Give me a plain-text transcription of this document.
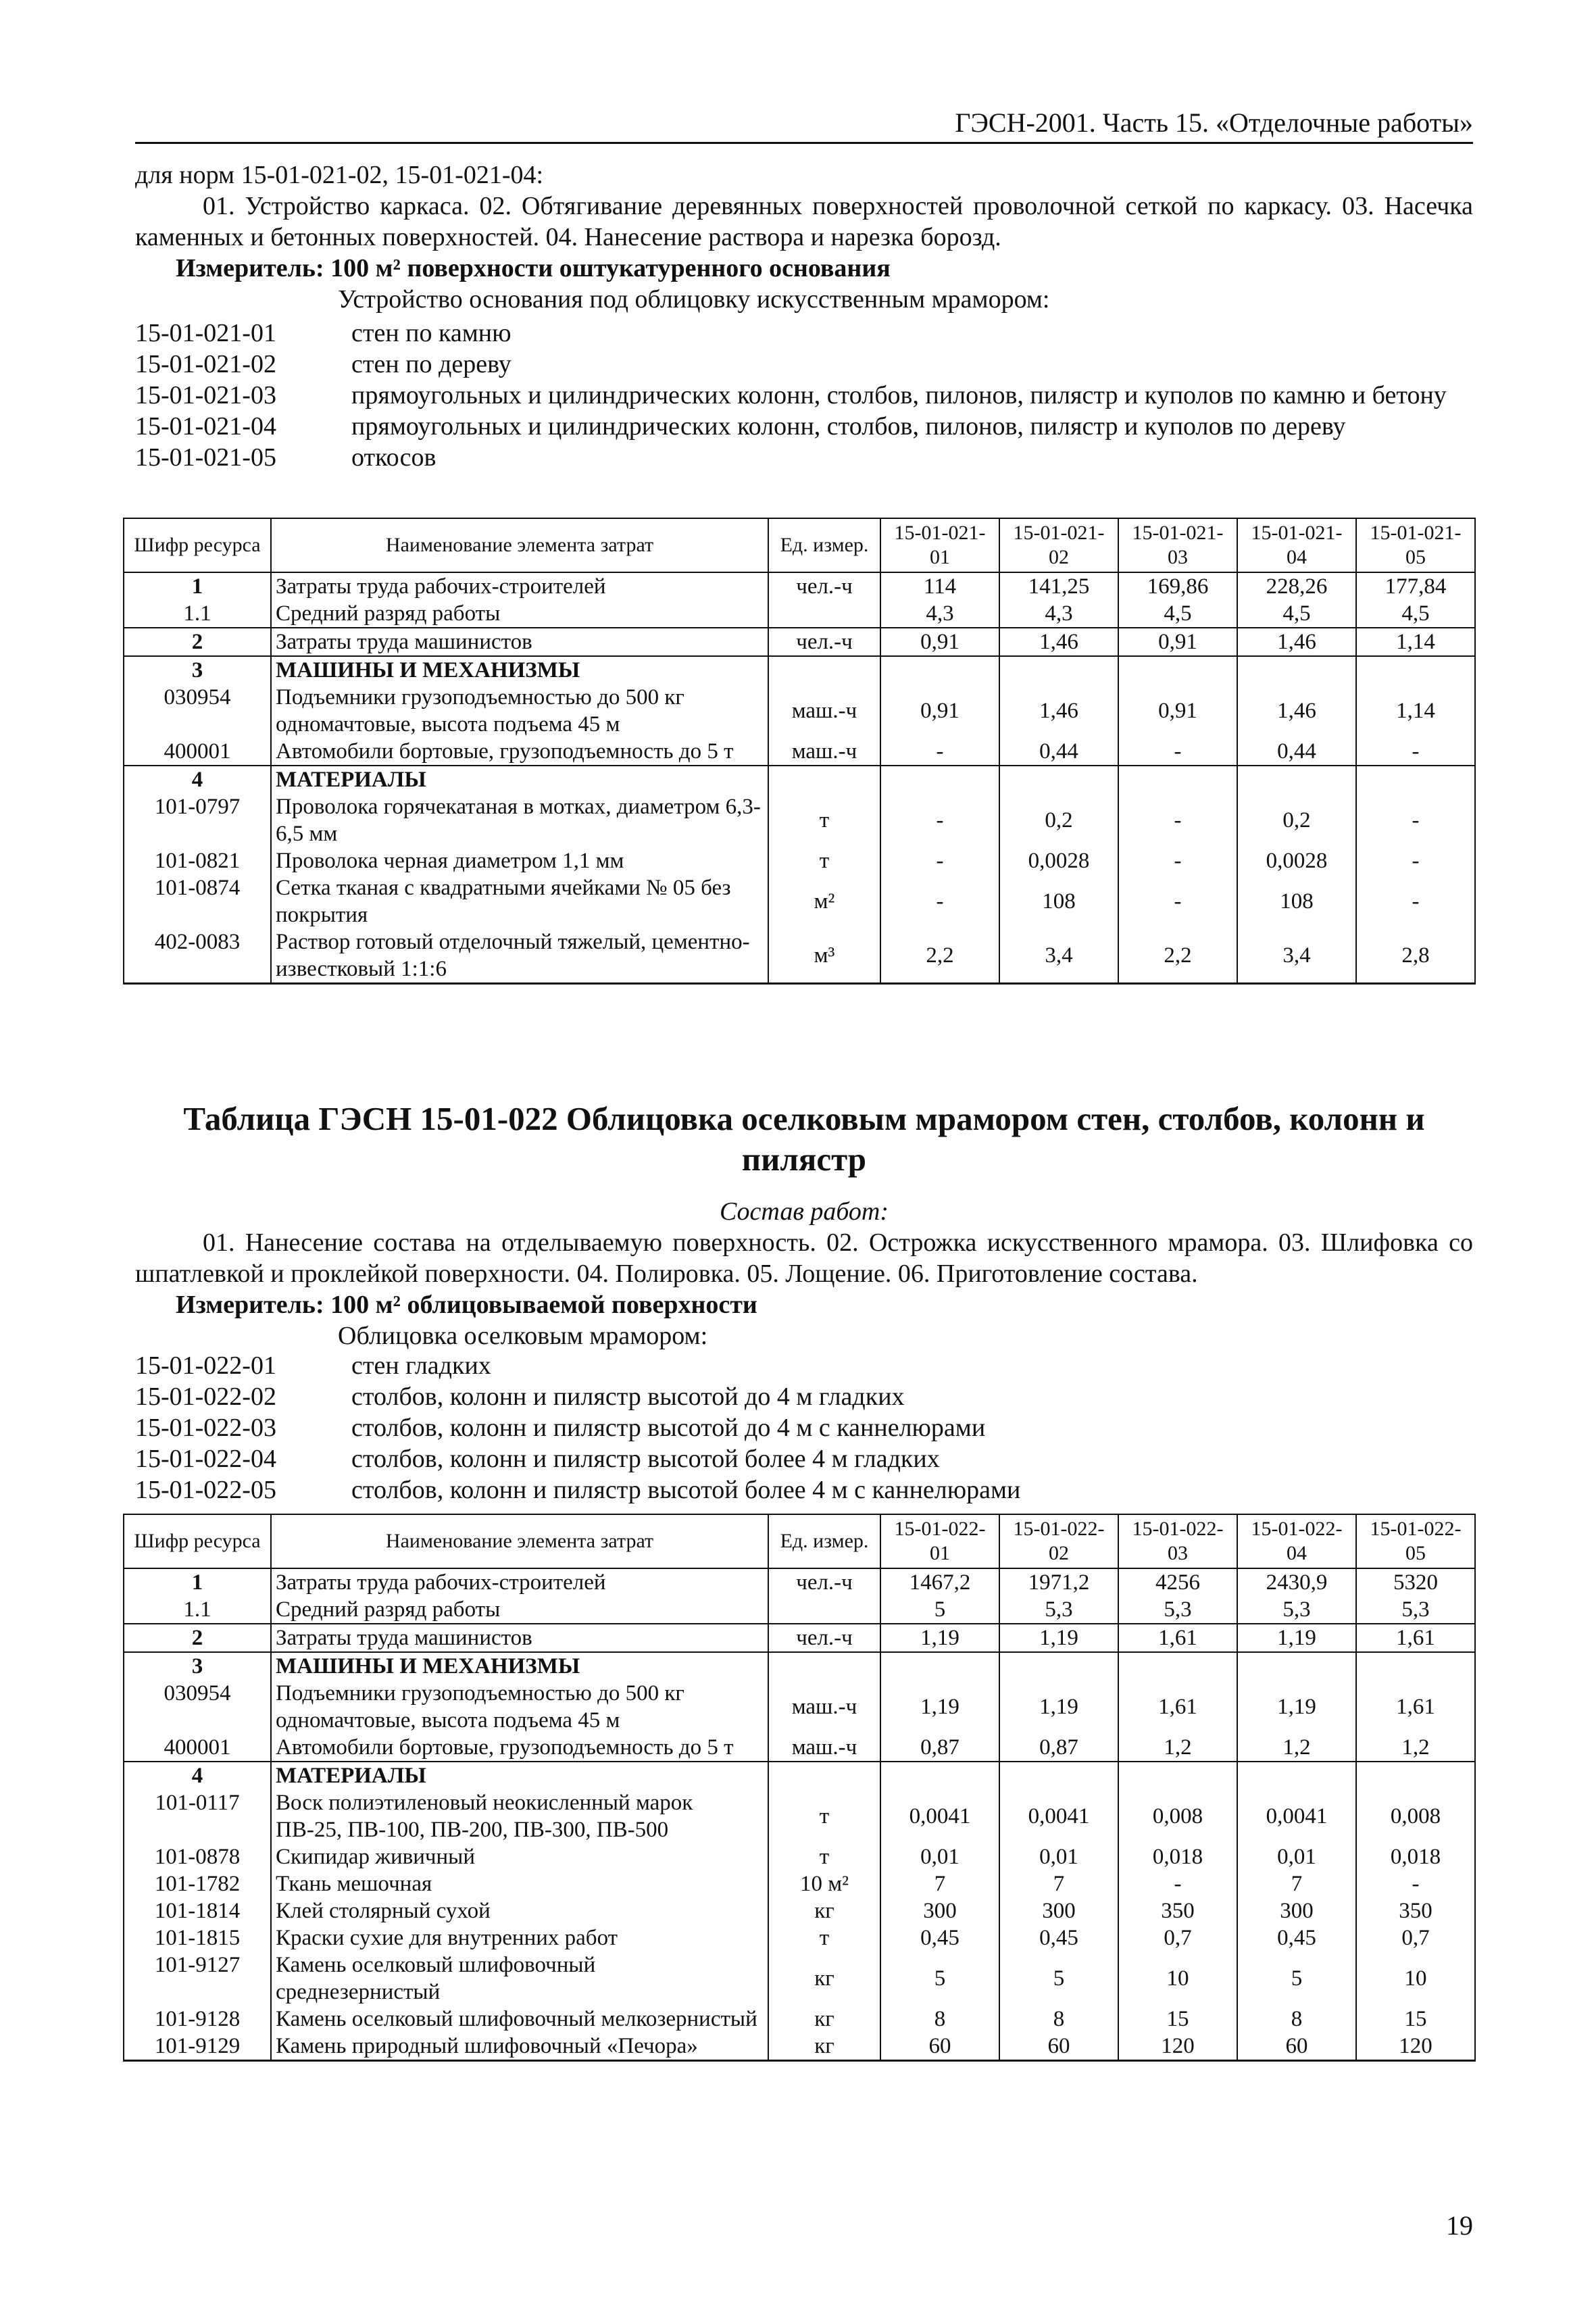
ГЭСН-2001. Часть 15. «Отделочные работы»
для норм 15-01-021-02, 15-01-021-04:
01. Устройство каркаса. 02. Обтягивание деревянных поверхностей проволочной сеткой по каркасу. 03. Насечка каменных и бетонных поверхностей. 04. Нанесение раствора и нарезка борозд.
Измеритель: 100 м² поверхности оштукатуренного основания
Устройство основания под облицовку искусственным мрамором:
15-01-021-01	стен по камню
15-01-021-02	стен по дереву
15-01-021-03	прямоугольных и цилиндрических колонн, столбов, пилонов, пилястр и куполов по камню и бетону
15-01-021-04	прямоугольных и цилиндрических колонн, столбов, пилонов, пилястр и куполов по дереву
15-01-021-05	откосов
Шифр ресурса	Наименование элемента затрат	Ед. измер.	15-01-021-01	15-01-021-02	15-01-021-03	15-01-021-04	15-01-021-05
1	Затраты труда рабочих-строителей	чел.-ч	114	141,25	169,86	228,26	177,84
1.1	Средний разряд работы		4,3	4,3	4,5	4,5	4,5
2	Затраты труда машинистов	чел.-ч	0,91	1,46	0,91	1,46	1,14
3	МАШИНЫ И МЕХАНИЗМЫ						
030954	Подъемники грузоподъемностью до 500 кг одномачтовые, высота подъема 45 м	маш.-ч	0,91	1,46	0,91	1,46	1,14
400001	Автомобили бортовые, грузоподъемность до 5 т	маш.-ч	-	0,44	-	0,44	-
4	МАТЕРИАЛЫ						
101-0797	Проволока горячекатаная в мотках, диаметром 6,3-6,5 мм	т	-	0,2	-	0,2	-
101-0821	Проволока черная диаметром 1,1 мм	т	-	0,0028	-	0,0028	-
101-0874	Сетка тканая с квадратными ячейками № 05 без покрытия	м²	-	108	-	108	-
402-0083	Раствор готовый отделочный тяжелый, цементно-известковый 1:1:6	м³	2,2	3,4	2,2	3,4	2,8
Таблица ГЭСН 15-01-022 Облицовка оселковым мрамором стен, столбов, колонн и пилястр
Состав работ:
01. Нанесение состава на отделываемую поверхность. 02. Острожка искусственного мрамора. 03. Шлифовка со шпатлевкой и проклейкой поверхности. 04. Полировка. 05. Лощение. 06. Приготовление состава.
Измеритель: 100 м² облицовываемой поверхности
Облицовка оселковым мрамором:
15-01-022-01	стен гладких
15-01-022-02	столбов, колонн и пилястр высотой до 4 м гладких
15-01-022-03	столбов, колонн и пилястр высотой до 4 м с каннелюрами
15-01-022-04	столбов, колонн и пилястр высотой более 4 м гладких
15-01-022-05	столбов, колонн и пилястр высотой более 4 м с каннелюрами
Шифр ресурса	Наименование элемента затрат	Ед. измер.	15-01-022-01	15-01-022-02	15-01-022-03	15-01-022-04	15-01-022-05
1	Затраты труда рабочих-строителей	чел.-ч	1467,2	1971,2	4256	2430,9	5320
1.1	Средний разряд работы		5	5,3	5,3	5,3	5,3
2	Затраты труда машинистов	чел.-ч	1,19	1,19	1,61	1,19	1,61
3	МАШИНЫ И МЕХАНИЗМЫ						
030954	Подъемники грузоподъемностью до 500 кг одномачтовые, высота подъема 45 м	маш.-ч	1,19	1,19	1,61	1,19	1,61
400001	Автомобили бортовые, грузоподъемность до 5 т	маш.-ч	0,87	0,87	1,2	1,2	1,2
4	МАТЕРИАЛЫ						
101-0117	Воск полиэтиленовый неокисленный марок ПВ-25, ПВ-100, ПВ-200, ПВ-300, ПВ-500	т	0,0041	0,0041	0,008	0,0041	0,008
101-0878	Скипидар живичный	т	0,01	0,01	0,018	0,01	0,018
101-1782	Ткань мешочная	10 м²	7	7	-	7	-
101-1814	Клей столярный сухой	кг	300	300	350	300	350
101-1815	Краски сухие для внутренних работ	т	0,45	0,45	0,7	0,45	0,7
101-9127	Камень оселковый шлифовочный среднезернистый	кг	5	5	10	5	10
101-9128	Камень оселковый шлифовочный мелкозернистый	кг	8	8	15	8	15
101-9129	Камень природный шлифовочный «Печора»	кг	60	60	120	60	120
19
